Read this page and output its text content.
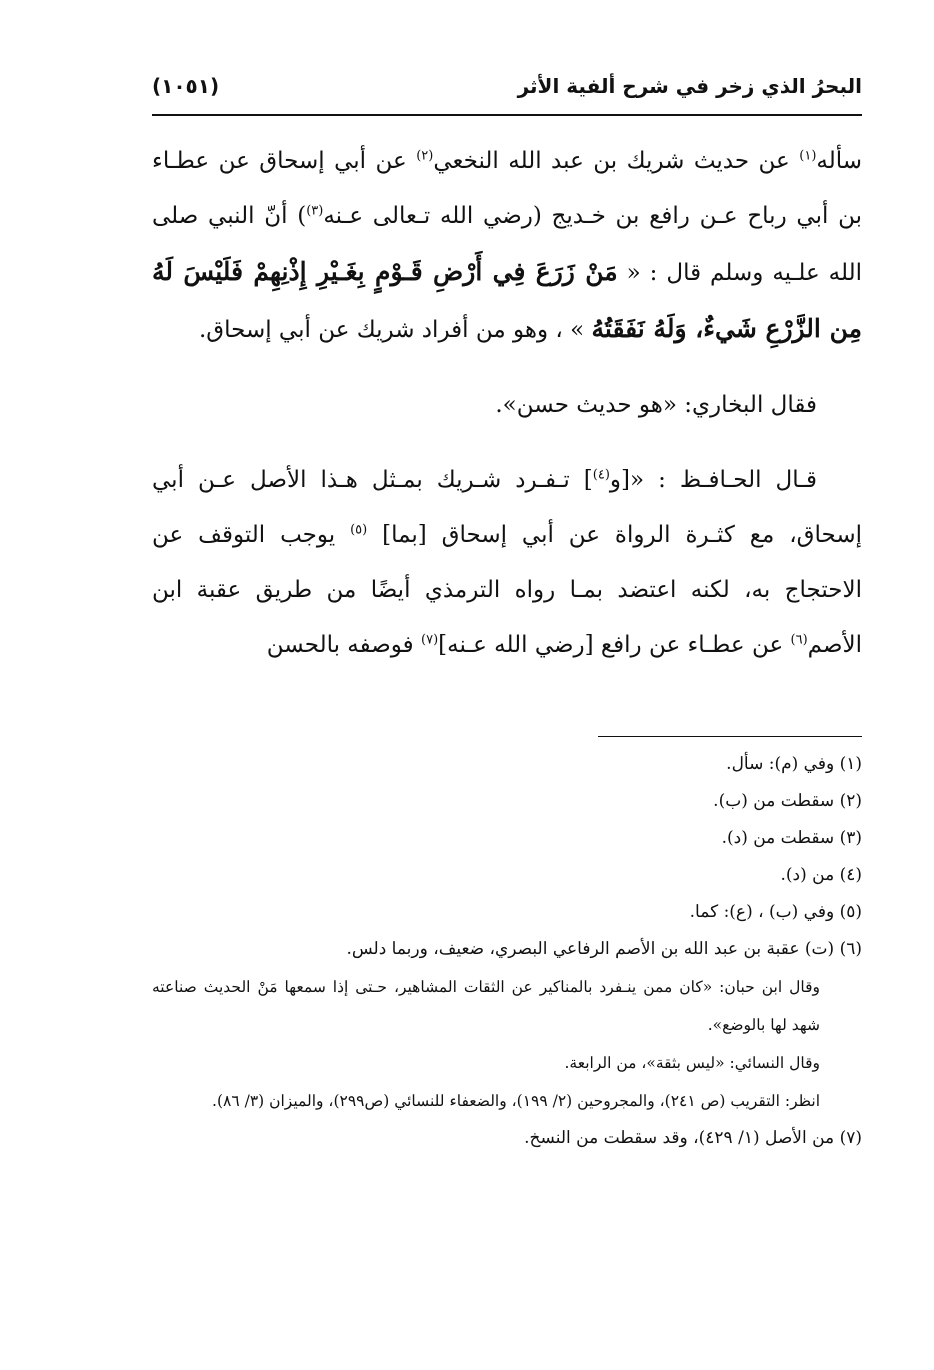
البحرُ الذي زخر في شرح ألفية الأثر
(١٠٥١)

سأله$^{(١)}$ عن حديث شريك بن عبد الله النخعي$^{(٢)}$ عن أبي إسحاق عن عطـاء بن أبي رباح عـن رافع بن خـديج (رضي الله تـعالى عـنه$^{(٣)}$) أنّ النبي صلى الله علـيه وسلم قال : « مَنْ زَرَعَ فِي أَرْضِ قَـوْمٍ بِغَـيْرِ إِذْنِهِمْ فَلَيْسَ لَهُ مِن الزَّرْعِ شَيءٌ، وَلَهُ نَفَقَتُهُ » ، وهو من أفراد شريك عن أبي إسحاق.

فقال البخاري: «هو حديث حسن».

قـال الحـافـظ : «[و$^{(٤)}$] تـفـرد شـريك بمـثل هـذا الأصل عـن أبي إسحاق، مع كثـرة الرواة عن أبي إسحاق [بما] $^{(٥)}$ يوجب التوقف عن الاحتجاج به، لكنه اعتضد بمـا رواه الترمذي أيضًا من طريق عقبة ابن الأصم$^{(٦)}$ عن عطـاء عن رافع [رضي الله عـنه]$^{(٧)}$ فوصفه بالحسن

(١) وفي (م): سأل.

(٢) سقطت من (ب).

(٣) سقطت من (د).

(٤) من (د).

(٥) وفي (ب) ، (ع): كما.

(٦) (ت) عقبة بن عبد الله بن الأصم الرفاعي البصري، ضعيف، وربما دلس.

وقال ابن حبان: «كان ممن ينـفرد بالمناكير عن الثقات المشاهير، حـتى إذا سمعها مَنْ الحديث صناعته شهد لها بالوضع».

وقال النسائي: «ليس بثقة»، من الرابعة.

انظر: التقريب (ص ٢٤١)، والمجروحين (٢/ ١٩٩)، والضعفاء للنسائي (ص٢٩٩)، والميزان (٣/ ٨٦).

(٧) من الأصل (١/ ٤٢٩)، وقد سقطت من النسخ.
